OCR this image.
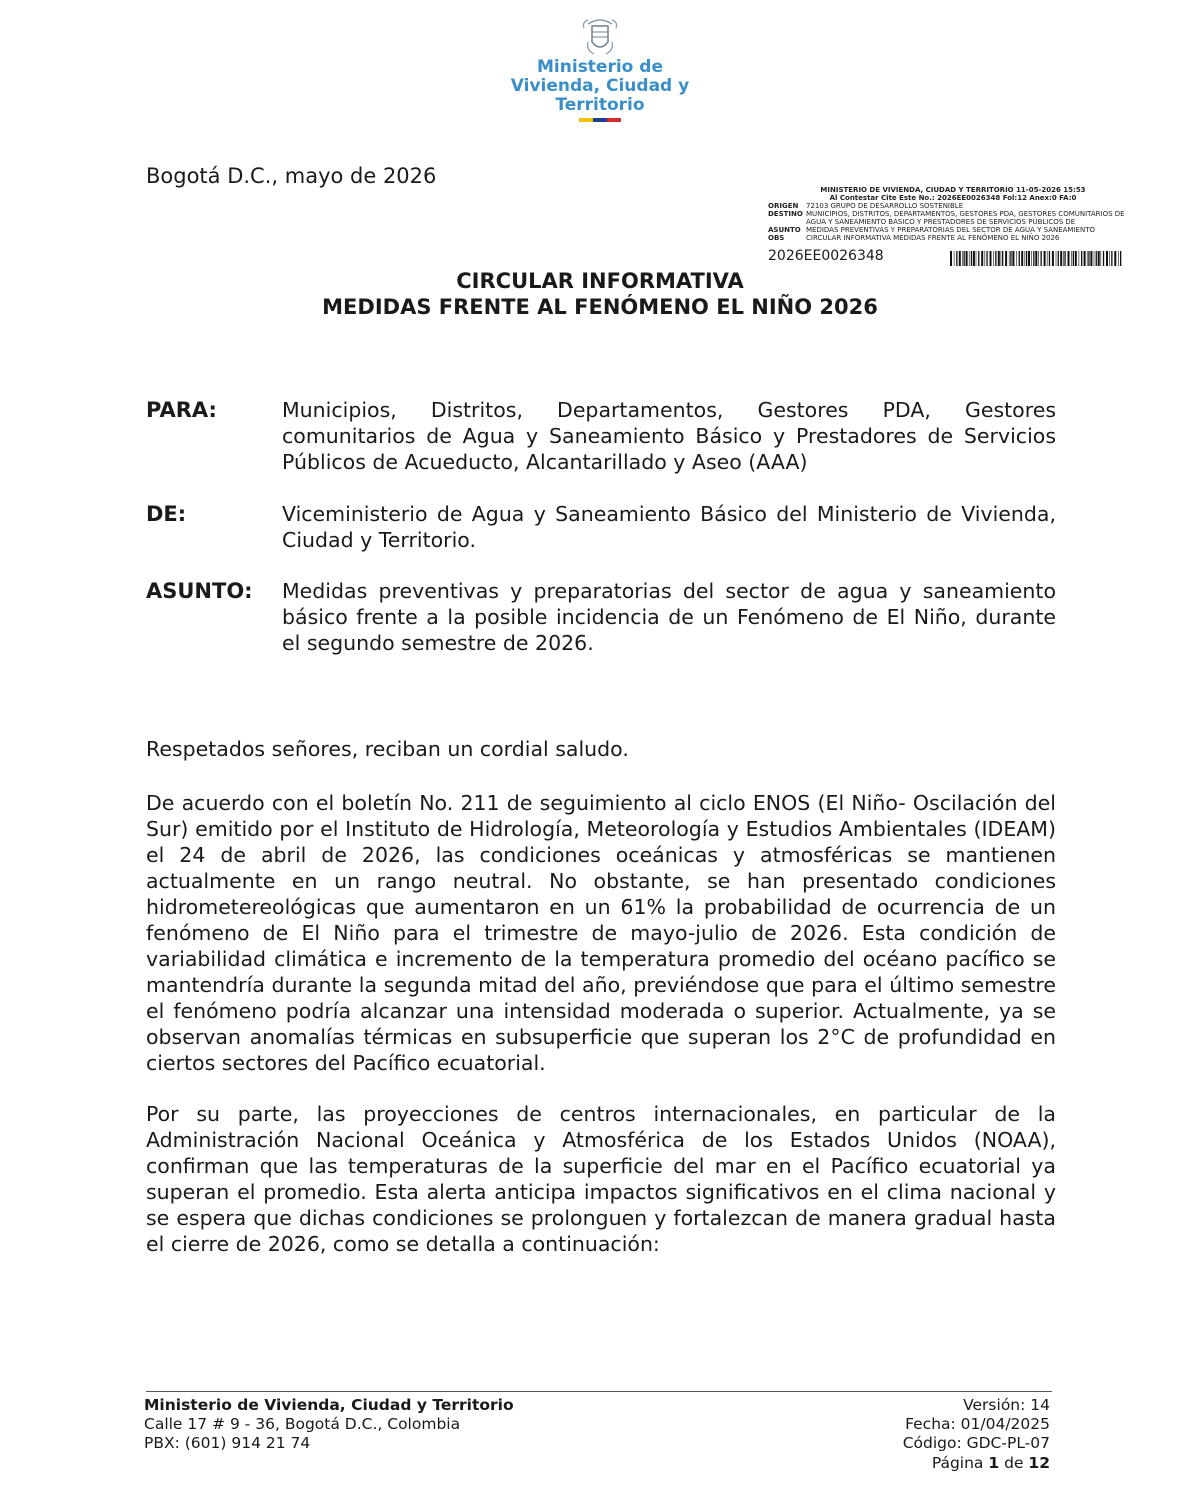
Ministerio de
Vivienda, Ciudad y Territorio
Bogotá D.C., mayo de 2026
MINISTERIO DE VIVIENDA, CIUDAD Y TERRITORIO 11-05-2026 15:53
Al Contestar Cite Este No.: 2026EE0026348 Fol:12 Anex:0 FA:0
ORIGEN	72103 GRUPO DE DESARROLLO SOSTENIBLE
DESTINO MUNICIPIOS, DISTRITOS, DEPARTAMENTOS, GESTORES PDA, GESTORES COMUNITARIOS DE AGUA Y SANEAMIENTO BÁSICO Y PRESTADORES DE SERVICIOS PÚBLICOS DE
ASUNTO MEDIDAS PREVENTIVAS Y PREPARATORIAS DEL SECTOR DE AGUA Y SANEAMIENTO
OBS	CIRCULAR INFORMATIVA MEDIDAS FRENTE AL FENÓMENO EL NIÑO 2026
2026EE0026348
CIRCULAR INFORMATIVA
MEDIDAS FRENTE AL FENÓMENO EL NIÑO 2026
PARA:	Municipios, Distritos, Departamentos, Gestores PDA, Gestores comunitarios de Agua y Saneamiento Básico y Prestadores de Servicios Públicos de Acueducto, Alcantarillado y Aseo (AAA)
DE:	Viceministerio de Agua y Saneamiento Básico del Ministerio de Vivienda, Ciudad y Territorio.
ASUNTO:	Medidas preventivas y preparatorias del sector de agua y saneamiento básico frente a la posible incidencia de un Fenómeno de El Niño, durante el segundo semestre de 2026.
Respetados señores, reciban un cordial saludo.
De acuerdo con el boletín No. 211 de seguimiento al ciclo ENOS (El Niño- Oscilación del Sur) emitido por el Instituto de Hidrología, Meteorología y Estudios Ambientales (IDEAM) el 24 de abril de 2026, las condiciones oceánicas y atmosféricas se mantienen actualmente en un rango neutral. No obstante, se han presentado condiciones hidrometereológicas que aumentaron en un 61% la probabilidad de ocurrencia de un fenómeno de El Niño para el trimestre de mayo-julio de 2026. Esta condición de variabilidad climática e incremento de la temperatura promedio del océano pacífico se mantendría durante la segunda mitad del año, previéndose que para el último semestre el fenómeno podría alcanzar una intensidad moderada o superior. Actualmente, ya se observan anomalías térmicas en subsuperficie que superan los 2°C de profundidad en ciertos sectores del Pacífico ecuatorial.
Por su parte, las proyecciones de centros internacionales, en particular de la Administración Nacional Oceánica y Atmosférica de los Estados Unidos (NOAA), confirman que las temperaturas de la superficie del mar en el Pacífico ecuatorial ya superan el promedio. Esta alerta anticipa impactos significativos en el clima nacional y se espera que dichas condiciones se prolonguen y fortalezcan de manera gradual hasta el cierre de 2026, como se detalla a continuación:
Ministerio de Vivienda, Ciudad y Territorio
Calle 17 # 9 - 36, Bogotá D.C., Colombia
PBX: (601) 914 21 74
Versión: 14
Fecha: 01/04/2025
Código: GDC-PL-07
Página 1 de 12
